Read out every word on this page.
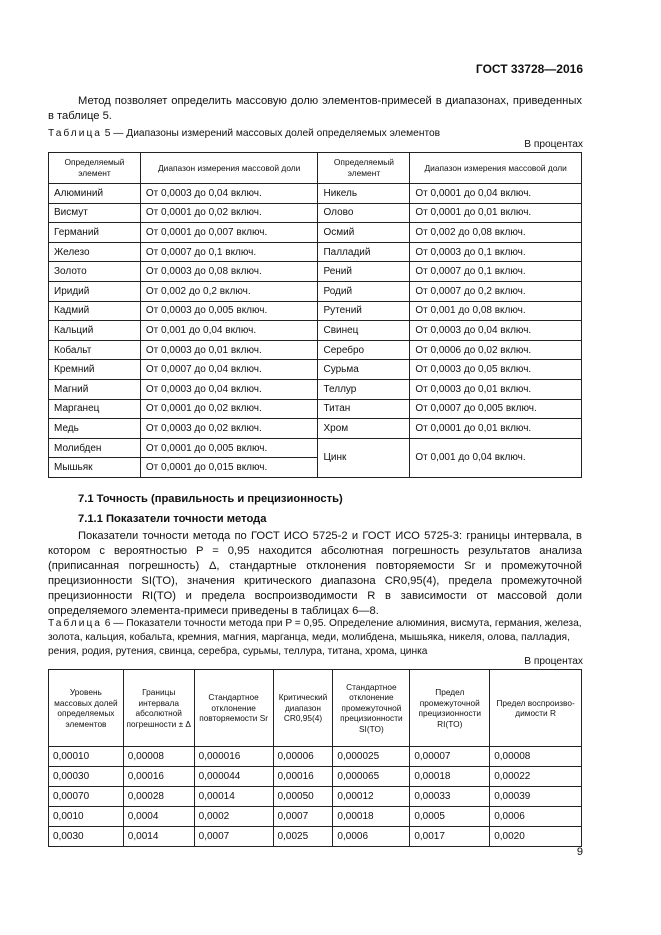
ГОСТ 33728—2016
Метод позволяет определить массовую долю элементов-примесей в диапазонах, приведенных в таблице 5.
Таблица 5 — Диапазоны измерений массовых долей определяемых элементов
В процентах
Определяемый элемент	Диапазон измерения массовой доли	Определяемый элемент	Диапазон измерения массовой доли
Алюминий	От 0,0003 до 0,04 включ.	Никель	От 0,0001 до 0,04 включ.
Висмут	От 0,0001 до 0,02 включ.	Олово	От 0,0001 до 0,01 включ.
Германий	От 0,0001 до 0,007 включ.	Осмий	От 0,002 до 0,08 включ.
Железо	От 0,0007 до 0,1 включ.	Палладий	От 0,0003 до 0,1 включ.
Золото	От 0,0003 до 0,08 включ.	Рений	От 0,0007 до 0,1 включ.
Иридий	От 0,002 до 0,2 включ.	Родий	От 0,0007 до 0,2 включ.
Кадмий	От 0,0003 до 0,005 включ.	Рутений	От 0,001 до 0,08 включ.
Кальций	От 0,001 до 0,04 включ.	Свинец	От 0,0003 до 0,04 включ.
Кобальт	От 0,0003 до 0,01 включ.	Серебро	От 0,0006 до 0,02 включ.
Кремний	От 0,0007 до 0,04 включ.	Сурьма	От 0,0003 до 0,05 включ.
Магний	От 0,0003 до 0,04 включ.	Теллур	От 0,0003 до 0,01 включ.
Марганец	От 0,0001 до 0,02 включ.	Титан	От 0,0007 до 0,005 включ.
Медь	От 0,0003 до 0,02 включ.	Хром	От 0,0001 до 0,01 включ.
Молибден	От 0,0001 до 0,005 включ.	Цинк	От 0,001 до 0,04 включ.
Мышьяк	От 0,0001 до 0,015 включ.		
7.1 Точность (правильность и прецизионность)
7.1.1 Показатели точности метода
Показатели точности метода по ГОСТ ИСО 5725-2 и ГОСТ ИСО 5725-3: границы интервала, в котором с вероятностью P = 0,95 находится абсолютная погрешность результатов анализа (приписанная погрешность) Δ, стандартные отклонения повторяемости Sr и промежуточной прецизионности SI(TO), значения критического диапазона CR0,95(4), предела промежуточной прецизионности RI(TO) и предела воспроизводимости R в зависимости от массовой доли определяемого элемента-примеси приведены в таблицах 6—8.
Таблица 6 — Показатели точности метода при P = 0,95. Определение алюминия, висмута, германия, железа, золота, кальция, кобальта, кремния, магния, марганца, меди, молибдена, мышьяка, никеля, олова, палладия, рения, родия, рутения, свинца, серебра, сурьмы, теллура, титана, хрома, цинка
В процентах
Уровень массовых долей определяемых элементов	Границы интервала абсолютной погрешности ± Δ	Стандартное отклонение повторяемости Sr	Критический диапазон CR0,95(4)	Стандартное отклонение промежуточной прецизионности SI(TO)	Предел промежуточной прецизионности RI(TO)	Предел воспроизводимости R
0,00010	0,00008	0,000016	0,00006	0,000025	0,00007	0,00008
0,00030	0,00016	0,000044	0,00016	0,000065	0,00018	0,00022
0,00070	0,00028	0,00014	0,00050	0,00012	0,00033	0,00039
0,0010	0,0004	0,0002	0,0007	0,00018	0,0005	0,0006
0,0030	0,0014	0,0007	0,0025	0,0006	0,0017	0,0020
9
